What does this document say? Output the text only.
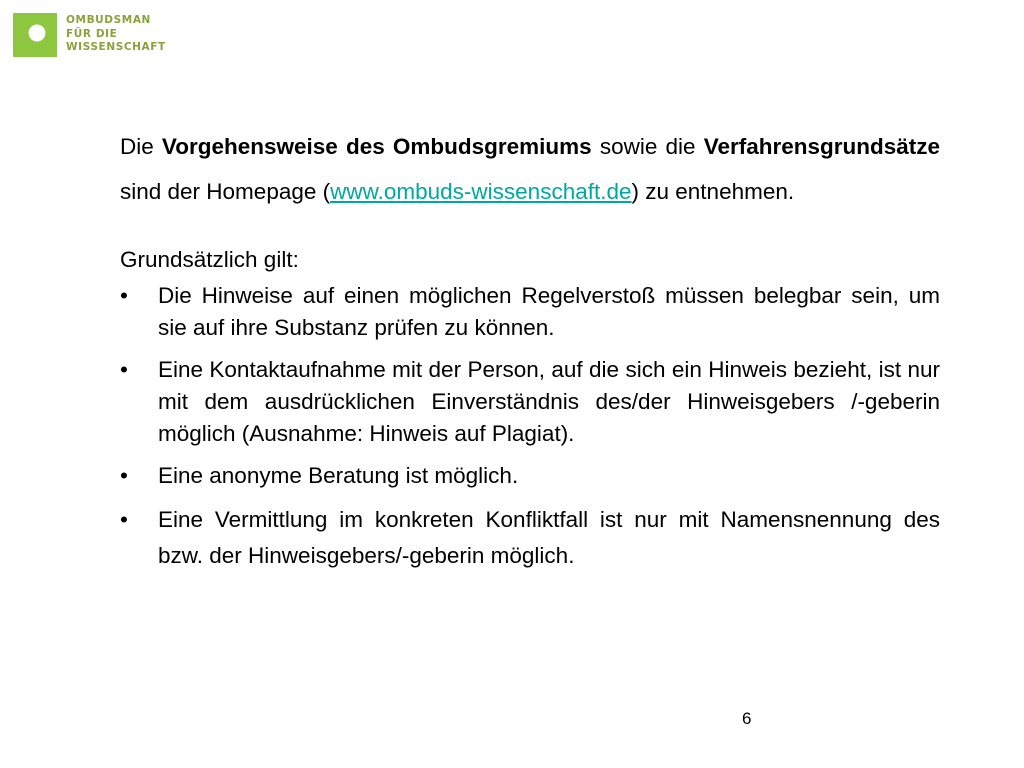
OMBUDSMAN
FÜR DIE
WISSENSCHAFT

Die Vorgehensweise des Ombudsgremiums sowie die Verfahrensgrundsätze sind der Homepage (www.ombuds-wissenschaft.de) zu entnehmen.

Grundsätzlich gilt:

• Die Hinweise auf einen möglichen Regelverstoß müssen belegbar sein, um sie auf ihre Substanz prüfen zu können.
• Eine Kontaktaufnahme mit der Person, auf die sich ein Hinweis bezieht, ist nur mit dem ausdrücklichen Einverständnis des/der Hinweisgebers /-geberin möglich (Ausnahme: Hinweis auf Plagiat).
• Eine anonyme Beratung ist möglich.
• Eine Vermittlung im konkreten Konfliktfall ist nur mit Namensnennung des bzw. der Hinweisgebers/-geberin möglich.
6
